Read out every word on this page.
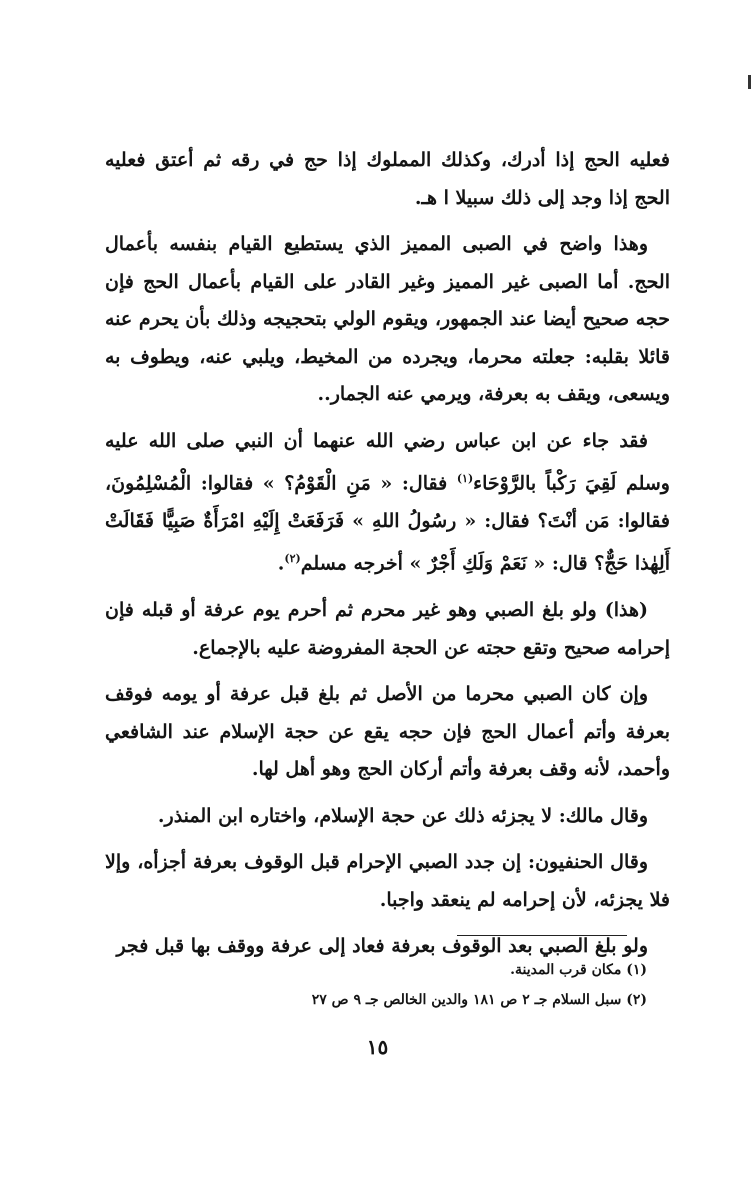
فعليه الحج إذا أدرك، وكذلك المملوك إذا حج في رقه ثم أعتق فعليه الحج إذا وجد إلى ذلك سبيلا ا هـ.

وهذا واضح في الصبى المميز الذي يستطيع القيام بنفسه بأعمال الحج. أما الصبى غير المميز وغير القادر على القيام بأعمال الحج فإن حجه صحيح أيضا عند الجمهور، ويقوم الولي بتحجيجه وذلك بأن يحرم عنه قائلا بقلبه: جعلته محرما، ويجرده من المخيط، ويلبي عنه، ويطوف به ويسعى، ويقف به بعرفة، ويرمي عنه الجمار..

فقد جاء عن ابن عباس رضي الله عنهما أن النبي صلى الله عليه وسلم لَقِيَ رَكْباً بالرَّوْحَاء$^{(١)}$ فقال: « مَنِ الْقَوْمُ؟ » فقالوا: الْمُسْلِمُونَ، فقالوا: مَن أنْتَ؟ فقال: « رسُولُ اللهِ » فَرَفَعَتْ إِلَيْهِ امْرَأَةٌ صَبِيًّا فَقَالَتْ أَلِهٰذا حَجٌّ؟ قال: « نَعَمْ وَلَكِ أَجْرٌ » أخرجه مسلم$^{(٢)}$.

(هذا) ولو بلغ الصبي وهو غير محرم ثم أحرم يوم عرفة أو قبله فإن إحرامه صحيح وتقع حجته عن الحجة المفروضة عليه بالإجماع.

وإن كان الصبي محرما من الأصل ثم بلغ قبل عرفة أو يومه فوقف بعرفة وأتم أعمال الحج فإن حجه يقع عن حجة الإسلام عند الشافعي وأحمد، لأنه وقف بعرفة وأتم أركان الحج وهو أهل لها.

وقال مالك: لا يجزئه ذلك عن حجة الإسلام، واختاره ابن المنذر.

وقال الحنفيون: إن جدد الصبي الإحرام قبل الوقوف بعرفة أجزأه، وإلا فلا يجزئه، لأن إحرامه لم ينعقد واجبا.

ولو بلغ الصبي بعد الوقوف بعرفة فعاد إلى عرفة ووقف بها قبل فجر

(١) مكان قرب المدينة.

(٢) سبل السلام جـ ٢ ص ١٨١ والدين الخالص جـ ٩ ص ٢٧

١٥
